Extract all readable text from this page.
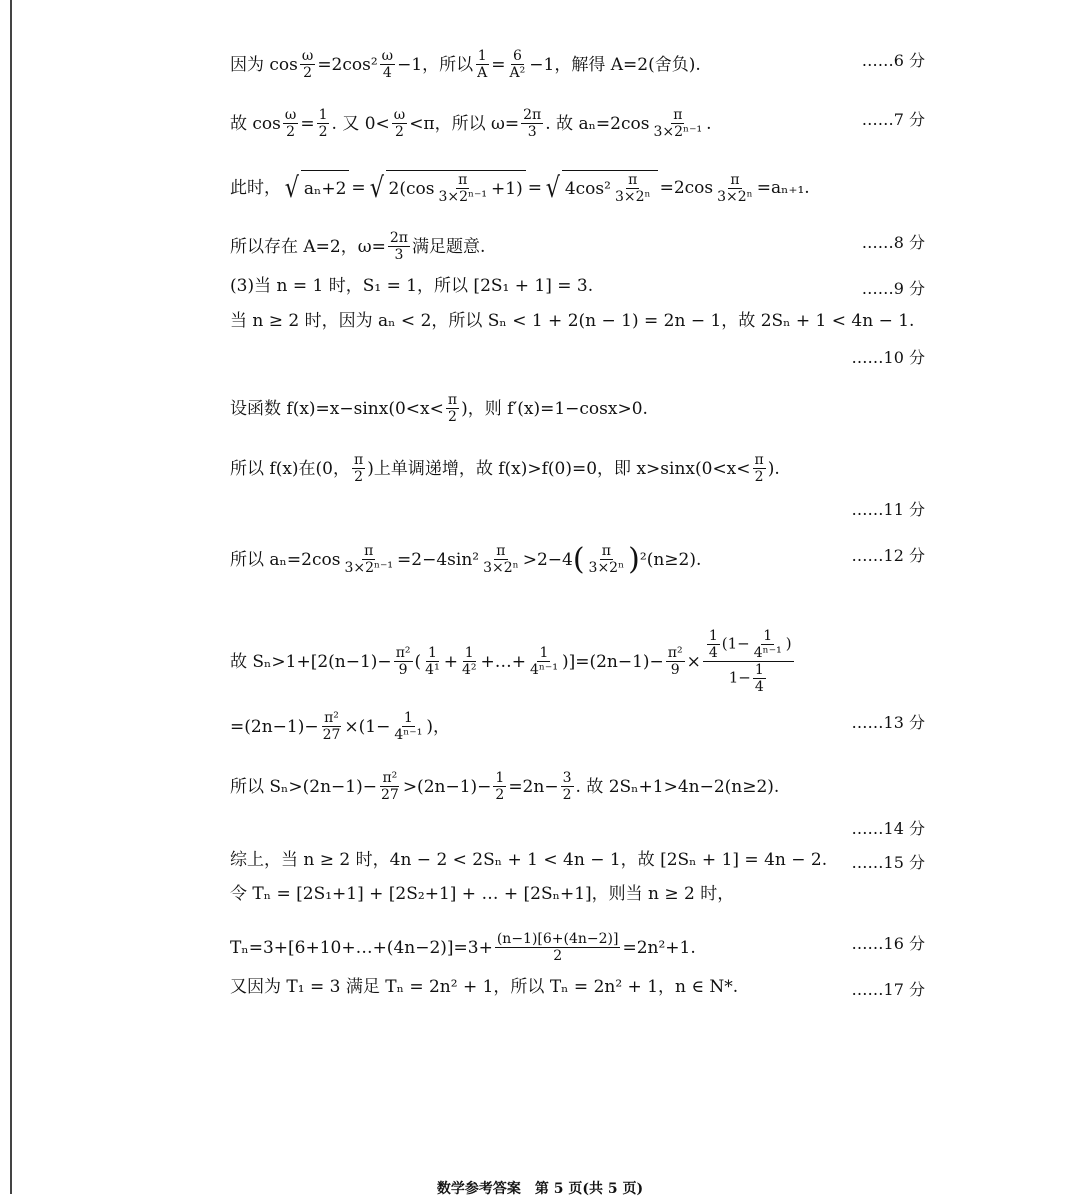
因为 $\cos \frac{\omega}{2} =2\cos^2 \frac{\omega}{4} -1$，所以 $\frac{1}{A} = \frac{6}{\text{A²}} -1$，解得 A=2(舍负).	……6 分
故 $\cos \frac{\omega}{2} = \frac{1}{2}$ . 又 $0< \frac{\omega}{2} <\pi$，所以 $\omega= \frac{2\pi}{3}$ . 故 $a_n=2\cos \frac{\pi}{\text{3×2ⁿ⁻¹}}$ .	……7 分
此时， √ aₙ+2 = √ $2(\cos \frac{\pi}{\text{3×2ⁿ⁻¹}} +1)$ = √ $4\cos^2 \frac{\pi}{\text{3×2ⁿ}} =2\cos \frac{\pi}{\text{3×2ⁿ}} =a_{n+1}$.
所以存在 A=2，$\omega= \frac{2\pi}{3}$ 满足题意.	……8 分
(3)当 n = 1 时，S₁ = 1，所以 [2S₁ + 1] = 3.	……9 分
当 n ≥ 2 时，因为 aₙ < 2，所以 Sₙ < 1 + 2(n − 1) = 2n − 1，故 2Sₙ + 1 < 4n − 1.
……10 分
设函数 $f(x)=x-\sin x(0<x< \frac{\pi}{2}$ )，则 f′(x)=1−cosx>0.
所以 f(x)在(0， $\frac{\pi}{2}$ )上单调递增，故 f(x)>f(0)=0，即 $x>\sin x(0<x< \frac{\pi}{2}$ ).
……11 分
所以 $a_n=2\cos \frac{\pi}{\text{3×2ⁿ⁻¹}} =2-4\sin^2 \frac{\pi}{\text{3×2ⁿ}} >2-4$ ( $\frac{\pi}{\text{3×2ⁿ}}$ ) ²(n≥2).	……12 分
故 $S_n>1+[2(n-1)- \frac{\text{π²}}{9}$ ( $\frac{1}{\text{4¹}} + \frac{1}{\text{4²}}$ +…+ $\frac{1}{\text{4ⁿ⁻¹}} )]=(2n-1)- \frac{\text{π²}}{9} \times \frac{\frac{1}{4} (1- \frac{1}{\text{4ⁿ⁻¹}} )}{1- \frac{1}{4}}$
$=(2n-1)- \frac{\text{π²}}{27} \times(1- \frac{1}{\text{4ⁿ⁻¹}}$ )，	……13 分
所以 $S_n>(2n-1)- \frac{\text{π²}}{27} >(2n-1)- \frac{1}{2} =2n- \frac{3}{2}$ . 故 2Sₙ+1>4n−2(n≥2).
……14 分
综上，当 n ≥ 2 时，4n − 2 < 2Sₙ + 1 < 4n − 1，故 [2Sₙ + 1] = 4n − 2.	……15 分
令 Tₙ = [2S₁+1] + [2S₂+1] + … + [2Sₙ+1]，则当 n ≥ 2 时，
Tₙ=3+[6+10+…+(4n−2)]=3+ $\frac{(n-1)[6+(4n-2)]}{2} =2n^2+1$.	……16 分
又因为 T₁ = 3 满足 Tₙ = 2n² + 1，所以 Tₙ = 2n² + 1，n ∈ N*.	……17 分
数学参考答案　第 5 页(共 5 页)
